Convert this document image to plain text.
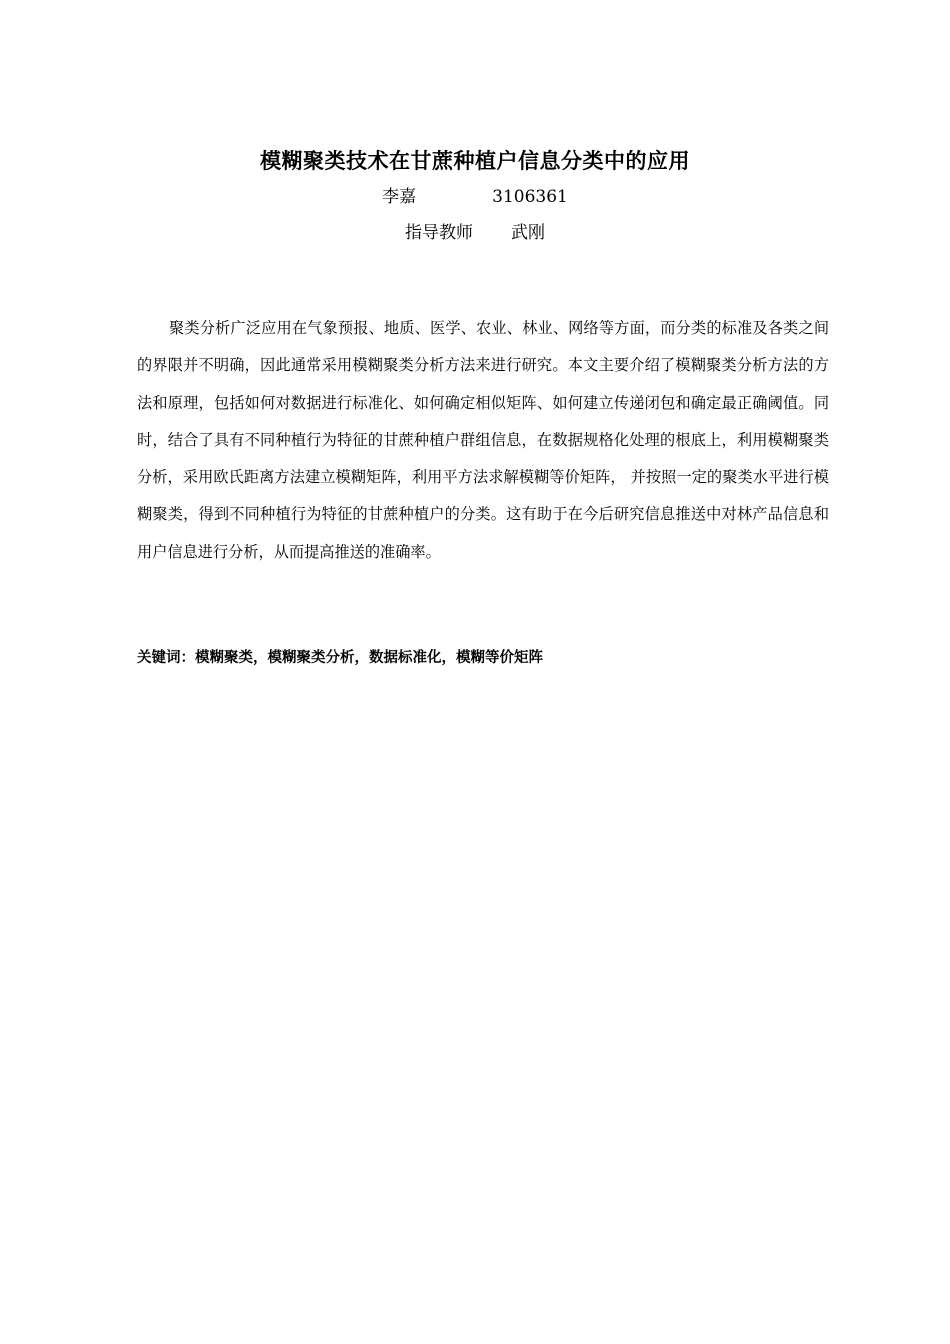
模糊聚类技术在甘蔗种植户信息分类中的应用
李嘉	3106361
指导教师 武刚

聚类分析广泛应用在气象预报、地质、医学、农业、林业、网络等方面，而分类的标准及各类之间的界限并不明确，因此通常采用模糊聚类分析方法来进行研究。本文主要介绍了模糊聚类分析方法的方法和原理，包括如何对数据进行标准化、如何确定相似矩阵、如何建立传递闭包和确定最正确阈值。同时，结合了具有不同种植行为特征的甘蔗种植户群组信息，在数据规格化处理的根底上，利用模糊聚类分析，采用欧氏距离方法建立模糊矩阵，利用平方法求解模糊等价矩阵， 并按照一定的聚类水平进行模糊聚类，得到不同种植行为特征的甘蔗种植户的分类。这有助于在今后研究信息推送中对林产品信息和用户信息进行分析，从而提高推送的准确率。

关键词：模糊聚类，模糊聚类分析，数据标准化，模糊等价矩阵
